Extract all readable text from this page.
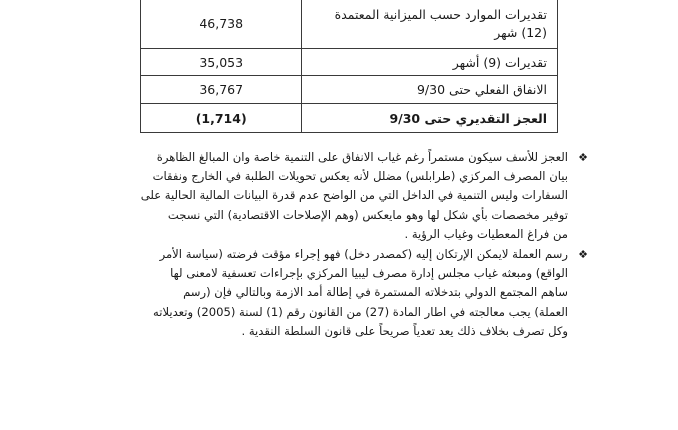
تقديرات الموارد حسب الميزانية المعتمدة
(12) شهر	46,738
تقديرات (9) أشهر	35,053
الانفاق الفعلي حتى 9/30	36,767
العجز التقديري حتى 9/30	(1,714)
❖
العجز للأسف سيكون مستمراً رغم غياب الانفاق على التنمية خاصة وان المبالغ الظاهرة
بيان المصرف المركزي (طرابلس) مضلل لأنه يعكس تحويلات الطلبة في الخارج ونفقات
السفارات وليس التنمية في الداخل التي من الواضح عدم قدرة البيانات المالية الحالية على
توفير مخصصات بأي شكل لها وهو مايعكس (وهم الإصلاحات الاقتصادية) التي نسجت
من فراغ المعطيات وغياب الرؤية .
❖
رسم العملة لايمكن الإرتكان إليه (كمصدر دخل) فهو إجراء مؤقت فرضته (سياسة الأمر
الواقع) ومبعثه غياب مجلس إدارة مصرف ليبيا المركزي بإجراءات تعسفية لامعنى لها
ساهم المجتمع الدولي بتدخلاته المستمرة في إطالة أمد الازمة وبالتالي فإن (رسم
العملة) يجب معالجته في اطار المادة (27) من القانون رقم (1) لسنة (2005) وتعديلاته
وكل تصرف بخلاف ذلك يعد تعدياً صريحاً على قانون السلطة النقدية .
